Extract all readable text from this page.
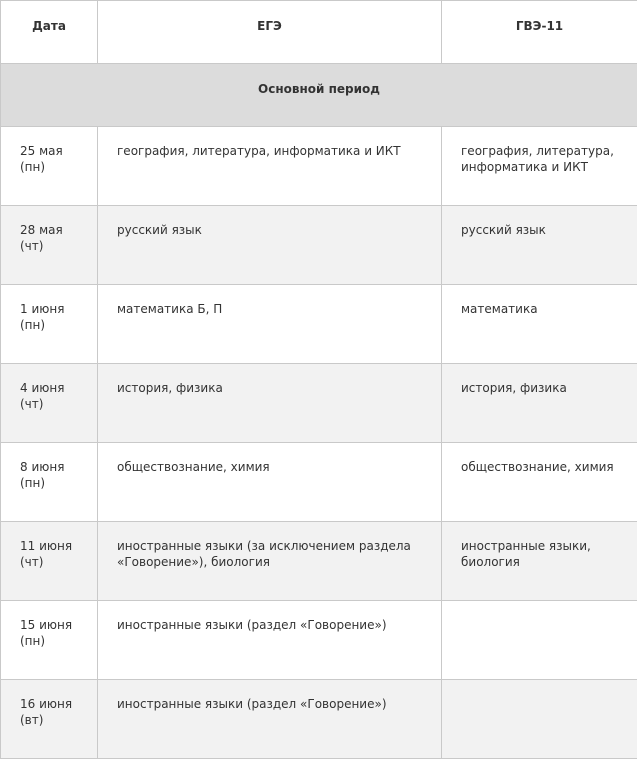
Дата	ЕГЭ	ГВЭ-11

Основной период		

25 мая
(пн)	география, литература, информатика и ИКТ	география, литература, информатика и ИКТ

28 мая
(чт)	русский язык	русский язык

1 июня
(пн)	математика Б, П	математика

4 июня
(чт)	история, физика	история, физика

8 июня
(пн)	обществознание, химия	обществознание, химия

11 июня
(чт)	иностранные языки (за исключением раздела «Говорение»), биология	иностранные языки, биология

15 июня
(пн)	иностранные языки (раздел «Говорение»)	

16 июня
(вт)	иностранные языки (раздел «Говорение»)	
